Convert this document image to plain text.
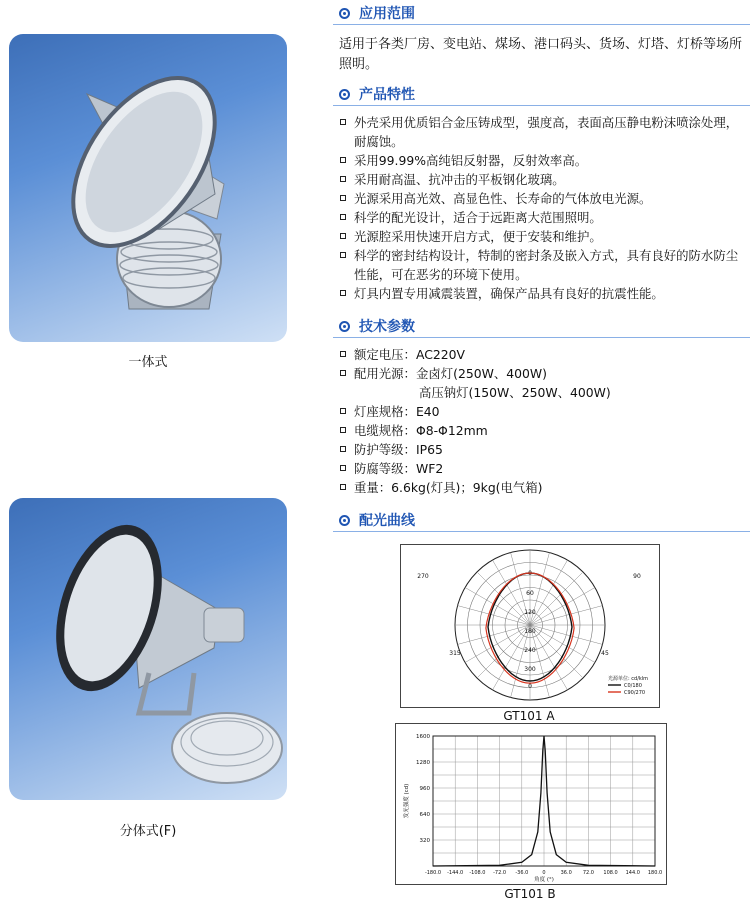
一体式
分体式(F)
应用范围
适用于各类厂房、变电站、煤场、港口码头、货场、灯塔、灯桥等场所
照明。
产品特性
外壳采用优质铝合金压铸成型，强度高，表面高压静电粉沫喷涂处理，耐腐蚀。
采用99.99%高纯铝反射器，反射效率高。
采用耐高温、抗冲击的平板钢化玻璃。
光源采用高光效、高显色性、长寿命的气体放电光源。
科学的配光设计，适合于远距离大范围照明。
光源腔采用快速开启方式，便于安装和维护。
科学的密封结构设计，特制的密封条及嵌入方式，具有良好的防水防尘性能，可在恶劣的环境下使用。
灯具内置专用减震装置，确保产品具有良好的抗震性能。
技术参数
额定电压：AC220V
配用光源：金卤灯(250W、400W)
高压钠灯(150W、250W、400W)
灯座规格：E40
电缆规格：Φ8-Φ12mm
防护等级：IP65
防腐等级：WF2
重量：6.6kg(灯具)；9kg(电气箱)
配光曲线
0
270	90
315	45
0
60
120
180
240
300
光源单位: cd/klm
C0/180
C90/270
GT101 A
320
640
960
1280
1600
-180.0 -144.0 -108.0 -72.0 -36.0	0	36.0 72.0 108.0 144.0 180.0
发光强度 (cd)
角度 (°)
GT101 B
